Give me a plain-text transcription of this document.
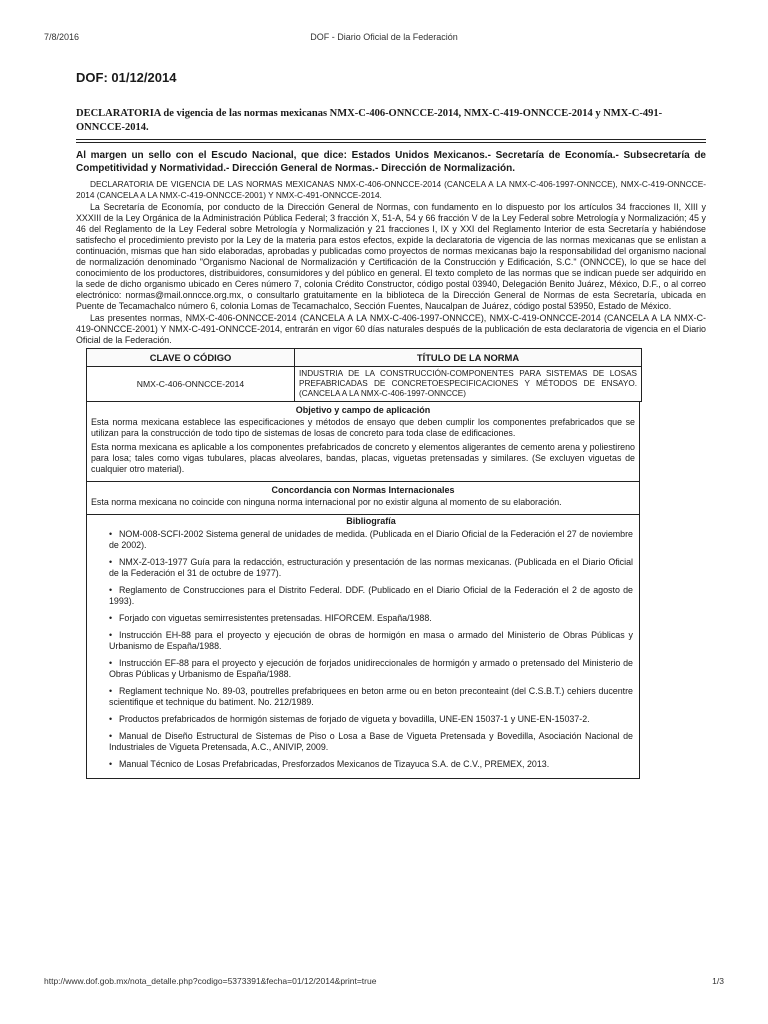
7/8/2016	DOF - Diario Oficial de la Federación
DOF: 01/12/2014

DECLARATORIA de vigencia de las normas mexicanas NMX-C-406-ONNCCE-2014, NMX-C-419-ONNCCE-2014 y NMX-C-491-ONNCCE-2014.

Al margen un sello con el Escudo Nacional, que dice: Estados Unidos Mexicanos.- Secretaría de Economía.- Subsecretaría de Competitividad y Normatividad.- Dirección General de Normas.- Dirección de Normalización.

DECLARATORIA DE VIGENCIA DE LAS NORMAS MEXICANAS NMX-C-406-ONNCCE-2014 (CANCELA A LA NMX-C-406-1997-ONNCCE), NMX-C-419-ONNCCE-2014 (CANCELA A LA NMX-C-419-ONNCCE-2001) Y NMX-C-491-ONNCCE-2014.

La Secretaría de Economía, por conducto de la Dirección General de Normas, con fundamento en lo dispuesto por los artículos 34 fracciones II, XIII y XXXIII de la Ley Orgánica de la Administración Pública Federal; 3 fracción X, 51-A, 54 y 66 fracción V de la Ley Federal sobre Metrología y Normalización; 45 y 46 del Reglamento de la Ley Federal sobre Metrología y Normalización y 21 fracciones I, IX y XXI del Reglamento Interior de esta Secretaría y habiéndose satisfecho el procedimiento previsto por la Ley de la materia para estos efectos, expide la declaratoria de vigencia de las normas mexicanas que se enlistan a continuación, mismas que han sido elaboradas, aprobadas y publicadas como proyectos de normas mexicanas bajo la responsabilidad del organismo nacional de normalización denominado "Organismo Nacional de Normalización y Certificación de la Construcción y Edificación, S.C." (ONNCCE), lo que se hace del conocimiento de los productores, distribuidores, consumidores y del público en general. El texto completo de las normas que se indican puede ser adquirido en la sede de dicho organismo ubicado en Ceres número 7, colonia Crédito Constructor, código postal 03940, Delegación Benito Juárez, México, D.F., o al correo electrónico: normas@mail.onncce.org.mx, o consultarlo gratuitamente en la biblioteca de la Dirección General de Normas de esta Secretaría, ubicada en Puente de Tecamachalco número 6, colonia Lomas de Tecamachalco, Sección Fuentes, Naucalpan de Juárez, código postal 53950, Estado de México.

Las presentes normas, NMX-C-406-ONNCCE-2014 (CANCELA A LA NMX-C-406-1997-ONNCCE), NMX-C-419-ONNCCE-2014 (CANCELA A LA NMX-C-419-ONNCCE-2001) Y NMX-C-491-ONNCCE-2014, entrarán en vigor 60 días naturales después de la publicación de esta declaratoria de vigencia en el Diario Oficial de la Federación.

CLAVE O CÓDIGO	TÍTULO DE LA NORMA
NMX-C-406-ONNCCE-2014	INDUSTRIA DE LA CONSTRUCCIÓN-COMPONENTES PARA SISTEMAS DE LOSAS PREFABRICADAS DE CONCRETOESPECIFICACIONES Y MÉTODOS DE ENSAYO. (CANCELA A LA NMX-C-406-1997-ONNCCE)
Objetivo y campo de aplicación

Esta norma mexicana establece las especificaciones y métodos de ensayo que deben cumplir los componentes prefabricados que se utilizan para la construcción de todo tipo de sistemas de losas de concreto para toda clase de edificaciones.

Esta norma mexicana es aplicable a los componentes prefabricados de concreto y elementos aligerantes de cemento arena y poliestireno para losa; tales como vigas tubulares, placas alveolares, bandas, placas, viguetas pretensadas y similares. (Se excluyen viguetas de cualquier otro material).

Concordancia con Normas Internacionales

Esta norma mexicana no coincide con ninguna norma internacional por no existir alguna al momento de su elaboración.

Bibliografía
• NOM-008-SCFI-2002 Sistema general de unidades de medida. (Publicada en el Diario Oficial de la Federación el 27 de noviembre de 2002).
• NMX-Z-013-1977 Guía para la redacción, estructuración y presentación de las normas mexicanas. (Publicada en el Diario Oficial de la Federación el 31 de octubre de 1977).
• Reglamento de Construcciones para el Distrito Federal. DDF. (Publicado en el Diario Oficial de la Federación el 2 de agosto de 1993).
• Forjado con viguetas semirresistentes pretensadas. HIFORCEM. España/1988.
• Instrucción EH-88 para el proyecto y ejecución de obras de hormigón en masa o armado del Ministerio de Obras Públicas y Urbanismo de España/1988.
• Instrucción EF-88 para el proyecto y ejecución de forjados unidireccionales de hormigón y armado o pretensado del Ministerio de Obras Públicas y Urbanismo de España/1988.
• Reglament technique No. 89-03, poutrelles prefabriquees en beton arme ou en beton preconteaint (del C.S.B.T.) cehiers ducentre scientifique et technique du batiment. No. 212/1989.
• Productos prefabricados de hormigón sistemas de forjado de vigueta y bovadilla, UNE-EN 15037-1 y UNE-EN-15037-2.
• Manual de Diseño Estructural de Sistemas de Piso o Losa a Base de Vigueta Pretensada y Bovedilla, Asociación Nacional de Industriales de Vigueta Pretensada, A.C., ANIVIP, 2009.
• Manual Técnico de Losas Prefabricadas, Presforzados Mexicanos de Tizayuca S.A. de C.V., PREMEX, 2013.
http://www.dof.gob.mx/nota_detalle.php?codigo=5373391&fecha=01/12/2014&print=true	1/3
